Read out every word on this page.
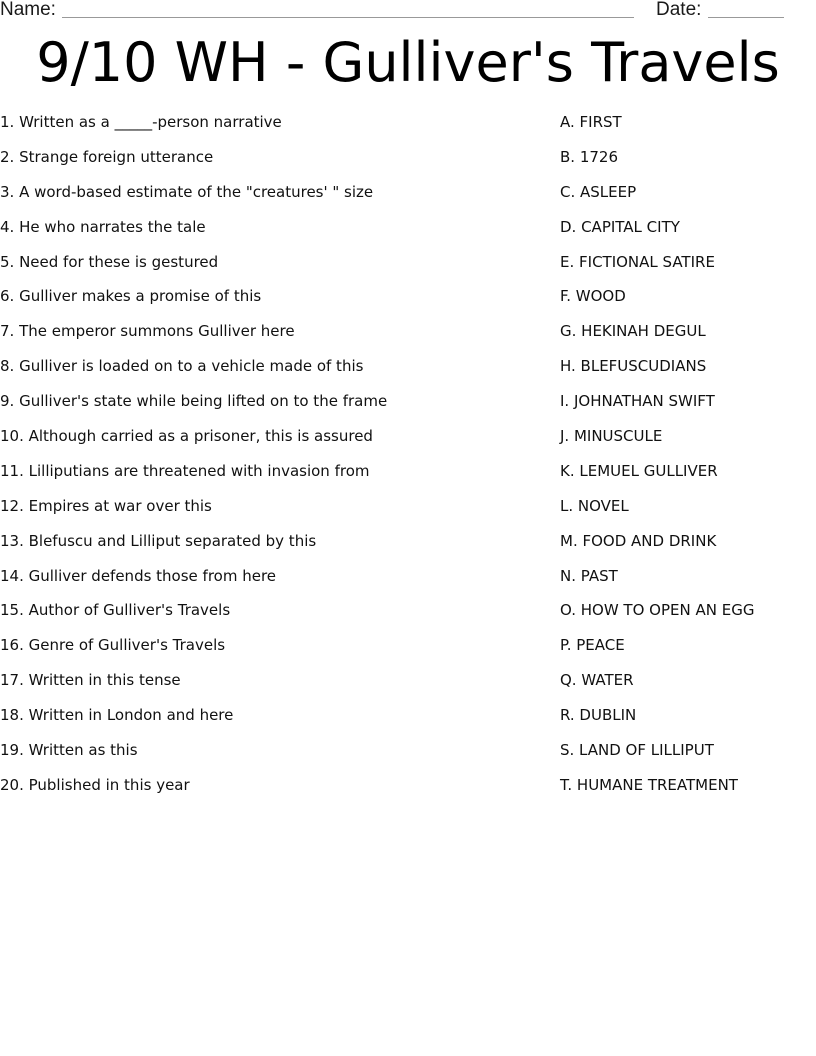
Name:	Date:
9/10 WH - Gulliver's Travels
1. Written as a _____-person narrative
2. Strange foreign utterance
3. A word-based estimate of the "creatures' " size
4. He who narrates the tale
5. Need for these is gestured
6. Gulliver makes a promise of this
7. The emperor summons Gulliver here
8. Gulliver is loaded on to a vehicle made of this
9. Gulliver's state while being lifted on to the frame
10. Although carried as a prisoner, this is assured
11. Lilliputians are threatened with invasion from
12. Empires at war over this
13. Blefuscu and Lilliput separated by this
14. Gulliver defends those from here
15. Author of Gulliver's Travels
16. Genre of Gulliver's Travels
17. Written in this tense
18. Written in London and here
19. Written as this
20. Published in this year
A. FIRST
B. 1726
C. ASLEEP
D. CAPITAL CITY
E. FICTIONAL SATIRE
F. WOOD
G. HEKINAH DEGUL
H. BLEFUSCUDIANS
I. JOHNATHAN SWIFT
J. MINUSCULE
K. LEMUEL GULLIVER
L. NOVEL
M. FOOD AND DRINK
N. PAST
O. HOW TO OPEN AN EGG
P. PEACE
Q. WATER
R. DUBLIN
S. LAND OF LILLIPUT
T. HUMANE TREATMENT
